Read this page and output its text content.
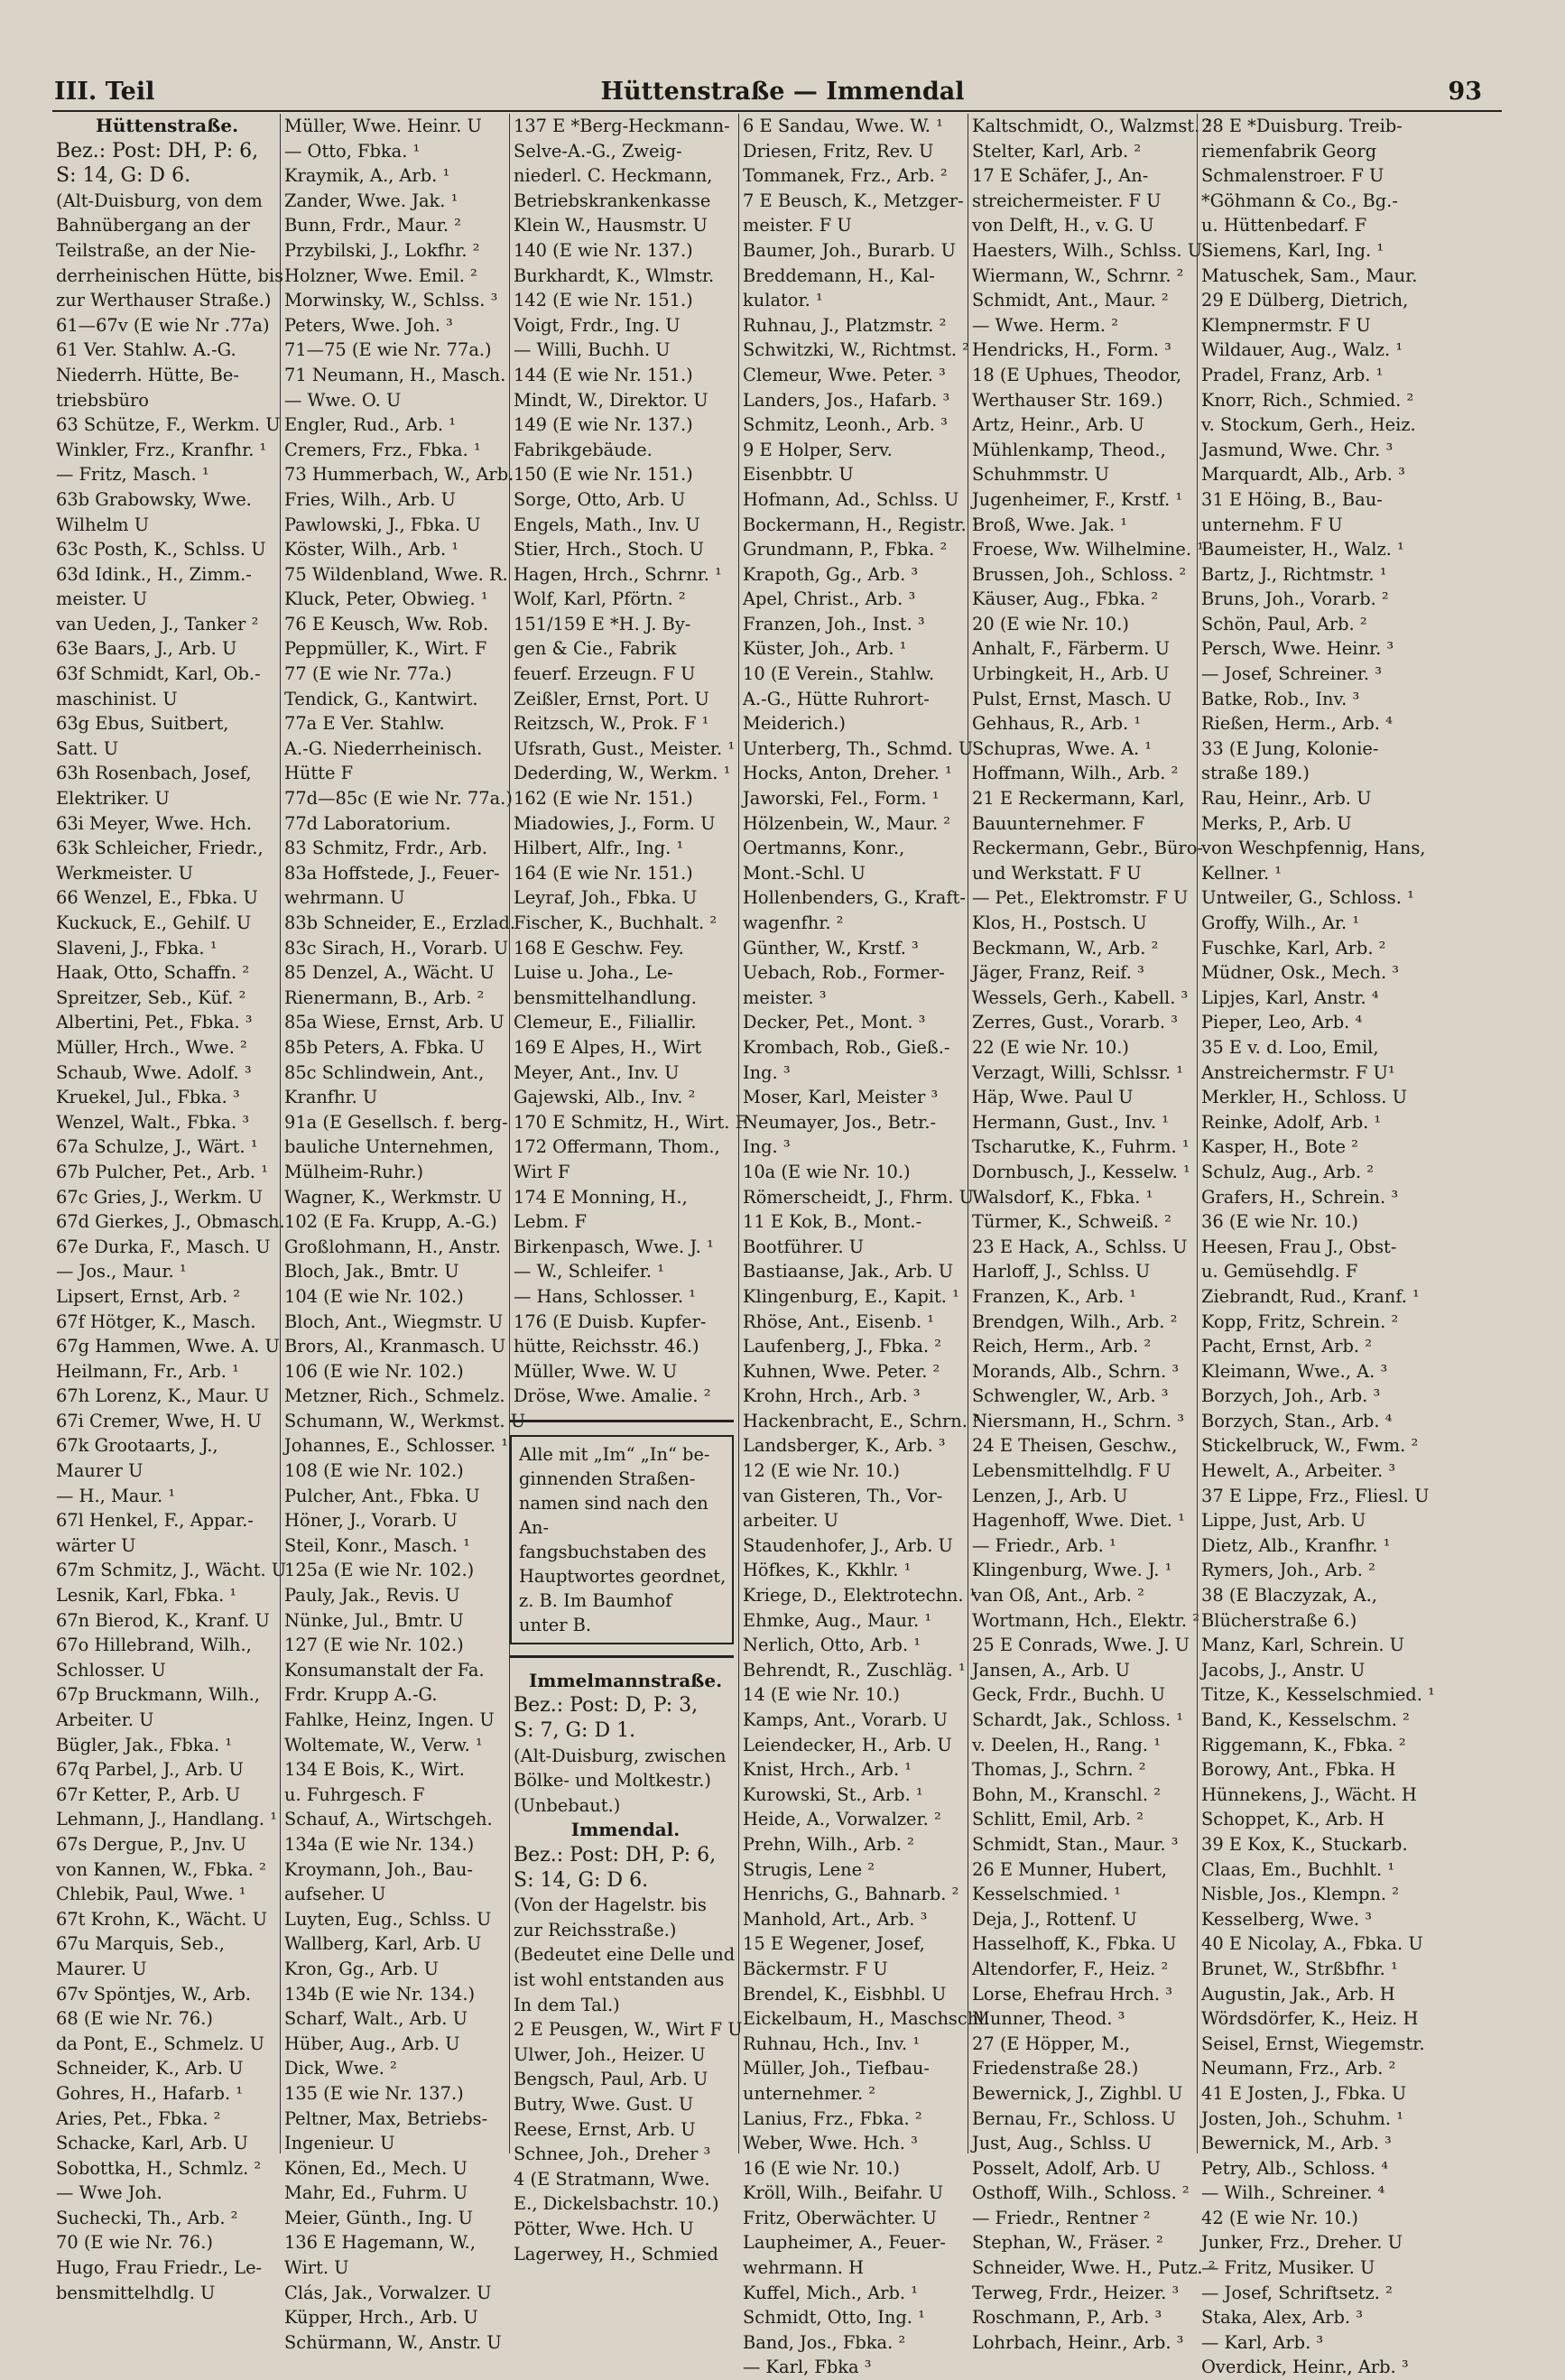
III. Teil	Hüttenstraße — Immendal	93
Hüttenstraße.
Bez.: Post: DH, P: 6,
S: 14, G: D 6.
(Alt-Duisburg, von dem
Bahnübergang an der
Teilstraße, an der Nie-
derrheinischen Hütte, bis
zur Werthauser Straße.)
61—67v (E wie Nr .77a)
61 Ver. Stahlw. A.-G.
Niederrh. Hütte, Be-
triebsbüro
63 Schütze, F., Werkm. U
Winkler, Frz., Kranfhr. ¹
— Fritz, Masch. ¹
63b Grabowsky, Wwe.
Wilhelm U
63c Posth, K., Schlss. U
63d Idink., H., Zimm.-
meister. U
van Ueden, J., Tanker ²
63e Baars, J., Arb. U
63f Schmidt, Karl, Ob.-
maschinist. U
63g Ebus, Suitbert,
Satt. U
63h Rosenbach, Josef,
Elektriker. U
63i Meyer, Wwe. Hch.
63k Schleicher, Friedr.,
Werkmeister. U
66 Wenzel, E., Fbka. U
Kuckuck, E., Gehilf. U
Slaveni, J., Fbka. ¹
Haak, Otto, Schaffn. ²
Spreitzer, Seb., Küf. ²
Albertini, Pet., Fbka. ³
Müller, Hrch., Wwe. ²
Schaub, Wwe. Adolf. ³
Kruekel, Jul., Fbka. ³
Wenzel, Walt., Fbka. ³
67a Schulze, J., Wärt. ¹
67b Pulcher, Pet., Arb. ¹
67c Gries, J., Werkm. U
67d Gierkes, J., Obmasch.
67e Durka, F., Masch. U
— Jos., Maur. ¹
Lipsert, Ernst, Arb. ²
67f Hötger, K., Masch.
67g Hammen, Wwe. A. U
Heilmann, Fr., Arb. ¹
67h Lorenz, K., Maur. U
67i Cremer, Wwe, H. U
67k Grootaarts, J.,
Maurer U
— H., Maur. ¹
67l Henkel, F., Appar.-
wärter U
67m Schmitz, J., Wächt. U
Lesnik, Karl, Fbka. ¹
67n Bierod, K., Kranf. U
67o Hillebrand, Wilh.,
Schlosser. U
67p Bruckmann, Wilh.,
Arbeiter. U
Bügler, Jak., Fbka. ¹
67q Parbel, J., Arb. U
67r Ketter, P., Arb. U
Lehmann, J., Handlang. ¹
67s Dergue, P., Jnv. U
von Kannen, W., Fbka. ²
Chlebik, Paul, Wwe. ¹
67t Krohn, K., Wächt. U
67u Marquis, Seb.,
Maurer. U
67v Spöntjes, W., Arb.
68 (E wie Nr. 76.)
da Pont, E., Schmelz. U
Schneider, K., Arb. U
Gohres, H., Hafarb. ¹
Aries, Pet., Fbka. ²
Schacke, Karl, Arb. U
Sobottka, H., Schmlz. ²
— Wwe Joh.
Suchecki, Th., Arb. ²
70 (E wie Nr. 76.)
Hugo, Frau Friedr., Le-
bensmittelhdlg. U
Müller, Wwe. Heinr. U
— Otto, Fbka. ¹
Kraymik, A., Arb. ¹
Zander, Wwe. Jak. ¹
Bunn, Frdr., Maur. ²
Przybilski, J., Lokfhr. ²
Holzner, Wwe. Emil. ²
Morwinsky, W., Schlss. ³
Peters, Wwe. Joh. ³
71—75 (E wie Nr. 77a.)
71 Neumann, H., Masch.
— Wwe. O. U
Engler, Rud., Arb. ¹
Cremers, Frz., Fbka. ¹
73 Hummerbach, W., Arb.
Fries, Wilh., Arb. U
Pawlowski, J., Fbka. U
Köster, Wilh., Arb. ¹
75 Wildenbland, Wwe. R.
Kluck, Peter, Obwieg. ¹
76 E Keusch, Ww. Rob.
Peppmüller, K., Wirt. F
77 (E wie Nr. 77a.)
Tendick, G., Kantwirt.
77a E Ver. Stahlw.
A.-G. Niederrheinisch.
Hütte F
77d—85c (E wie Nr. 77a.)
77d Laboratorium.
83 Schmitz, Frdr., Arb.
83a Hoffstede, J., Feuer-
wehrmann. U
83b Schneider, E., Erzlad.
83c Sirach, H., Vorarb. U
85 Denzel, A., Wächt. U
Rienermann, B., Arb. ²
85a Wiese, Ernst, Arb. U
85b Peters, A. Fbka. U
85c Schlindwein, Ant.,
Kranfhr. U
91a (E Gesellsch. f. berg-
bauliche Unternehmen,
Mülheim-Ruhr.)
Wagner, K., Werkmstr. U
102 (E Fa. Krupp, A.-G.)
Großlohmann, H., Anstr.
Bloch, Jak., Bmtr. U
104 (E wie Nr. 102.)
Bloch, Ant., Wiegmstr. U
Brors, Al., Kranmasch. U
106 (E wie Nr. 102.)
Metzner, Rich., Schmelz.
Schumann, W., Werkmst. U
Johannes, E., Schlosser. ¹
108 (E wie Nr. 102.)
Pulcher, Ant., Fbka. U
Höner, J., Vorarb. U
Steil, Konr., Masch. ¹
125a (E wie Nr. 102.)
Pauly, Jak., Revis. U
Nünke, Jul., Bmtr. U
127 (E wie Nr. 102.)
Konsumanstalt der Fa.
Frdr. Krupp A.-G.
Fahlke, Heinz, Ingen. U
Woltemate, W., Verw. ¹
134 E Bois, K., Wirt.
u. Fuhrgesch. F
Schauf, A., Wirtschgeh.
134a (E wie Nr. 134.)
Kroymann, Joh., Bau-
aufseher. U
Luyten, Eug., Schlss. U
Wallberg, Karl, Arb. U
Kron, Gg., Arb. U
134b (E wie Nr. 134.)
Scharf, Walt., Arb. U
Hüber, Aug., Arb. U
Dick, Wwe. ²
135 (E wie Nr. 137.)
Peltner, Max, Betriebs-
Ingenieur. U
Könen, Ed., Mech. U
Mahr, Ed., Fuhrm. U
Meier, Günth., Ing. U
136 E Hagemann, W.,
Wirt. U
Clás, Jak., Vorwalzer. U
Küpper, Hrch., Arb. U
Schürmann, W., Anstr. U
137 E *Berg-Heckmann-
Selve-A.-G., Zweig-
niederl. C. Heckmann,
Betriebskrankenkasse
Klein W., Hausmstr. U
140 (E wie Nr. 137.)
Burkhardt, K., Wlmstr.
142 (E wie Nr. 151.)
Voigt, Frdr., Ing. U
— Willi, Buchh. U
144 (E wie Nr. 151.)
Mindt, W., Direktor. U
149 (E wie Nr. 137.)
Fabrikgebäude.
150 (E wie Nr. 151.)
Sorge, Otto, Arb. U
Engels, Math., Inv. U
Stier, Hrch., Stoch. U
Hagen, Hrch., Schrnr. ¹
Wolf, Karl, Pförtn. ²
151/159 E *H. J. By-
gen & Cie., Fabrik
feuerf. Erzeugn. F U
Zeißler, Ernst, Port. U
Reitzsch, W., Prok. F ¹
Ufsrath, Gust., Meister. ¹
Dederding, W., Werkm. ¹
162 (E wie Nr. 151.)
Miadowies, J., Form. U
Hilbert, Alfr., Ing. ¹
164 (E wie Nr. 151.)
Leyraf, Joh., Fbka. U
Fischer, K., Buchhalt. ²
168 E Geschw. Fey.
Luise u. Joha., Le-
bensmittelhandlung.
Clemeur, E., Filiallir.
169 E Alpes, H., Wirt
Meyer, Ant., Inv. U
Gajewski, Alb., Inv. ²
170 E Schmitz, H., Wirt. F
172 Offermann, Thom.,
Wirt F
174 E Monning, H.,
Lebm. F
Birkenpasch, Wwe. J. ¹
— W., Schleifer. ¹
— Hans, Schlosser. ¹
176 (E Duisb. Kupfer-
hütte, Reichsstr. 46.)
Müller, Wwe. W. U
Dröse, Wwe. Amalie. ²
Alle mit „Im“ „In“ be-
ginnenden Straßen-
namen sind nach den An-
fangsbuchstaben des
Hauptwortes geordnet,
z. B. Im Baumhof
unter B.
Immelmannstraße.
Bez.: Post: D, P: 3,
S: 7, G: D 1.
(Alt-Duisburg, zwischen
Bölke- und Moltkestr.)
(Unbebaut.)
Immendal.
Bez.: Post: DH, P: 6,
S: 14, G: D 6.
(Von der Hagelstr. bis
zur Reichsstraße.)
(Bedeutet eine Delle und
ist wohl entstanden aus
In dem Tal.)
2 E Peusgen, W., Wirt F U
Ulwer, Joh., Heizer. U
Bengsch, Paul, Arb. U
Butry, Wwe. Gust. U
Reese, Ernst, Arb. U
Schnee, Joh., Dreher ³
4 (E Stratmann, Wwe.
E., Dickelsbachstr. 10.)
Pötter, Wwe. Hch. U
Lagerwey, H., Schmied
6 E Sandau, Wwe. W. ¹
Driesen, Fritz, Rev. U
Tommanek, Frz., Arb. ²
7 E Beusch, K., Metzger-
meister. F U
Baumer, Joh., Burarb. U
Breddemann, H., Kal-
kulator. ¹
Ruhnau, J., Platzmstr. ²
Schwitzki, W., Richtmst. ²
Clemeur, Wwe. Peter. ³
Landers, Jos., Hafarb. ³
Schmitz, Leonh., Arb. ³
9 E Holper, Serv.
Eisenbbtr. U
Hofmann, Ad., Schlss. U
Bockermann, H., Registr. ¹
Grundmann, P., Fbka. ²
Krapoth, Gg., Arb. ³
Apel, Christ., Arb. ³
Franzen, Joh., Inst. ³
Küster, Joh., Arb. ¹
10 (E Verein., Stahlw.
A.-G., Hütte Ruhrort-
Meiderich.)
Unterberg, Th., Schmd. U
Hocks, Anton, Dreher. ¹
Jaworski, Fel., Form. ¹
Hölzenbein, W., Maur. ²
Oertmanns, Konr.,
Mont.-Schl. U
Hollenbenders, G., Kraft-
wagenfhr. ²
Günther, W., Krstf. ³
Uebach, Rob., Former-
meister. ³
Decker, Pet., Mont. ³
Krombach, Rob., Gieß.-
Ing. ³
Moser, Karl, Meister ³
Neumayer, Jos., Betr.-
Ing. ³
10a (E wie Nr. 10.)
Römerscheidt, J., Fhrm. U
11 E Kok, B., Mont.-
Bootführer. U
Bastiaanse, Jak., Arb. U
Klingenburg, E., Kapit. ¹
Rhöse, Ant., Eisenb. ¹
Laufenberg, J., Fbka. ²
Kuhnen, Wwe. Peter. ²
Krohn, Hrch., Arb. ³
Hackenbracht, E., Schrn. ³
Landsberger, K., Arb. ³
12 (E wie Nr. 10.)
van Gisteren, Th., Vor-
arbeiter. U
Staudenhofer, J., Arb. U
Höfkes, K., Kkhlr. ¹
Kriege, D., Elektrotechn. ¹
Ehmke, Aug., Maur. ¹
Nerlich, Otto, Arb. ¹
Behrendt, R., Zuschläg. ¹
14 (E wie Nr. 10.)
Kamps, Ant., Vorarb. U
Leiendecker, H., Arb. U
Knist, Hrch., Arb. ¹
Kurowski, St., Arb. ¹
Heide, A., Vorwalzer. ²
Prehn, Wilh., Arb. ²
Strugis, Lene ²
Henrichs, G., Bahnarb. ²
Manhold, Art., Arb. ³
15 E Wegener, Josef,
Bäckermstr. F U
Brendel, K., Eisbhbl. U
Eickelbaum, H., Maschschl.
Ruhnau, Hch., Inv. ¹
Müller, Joh., Tiefbau-
unternehmer. ²
Lanius, Frz., Fbka. ²
Weber, Wwe. Hch. ³
16 (E wie Nr. 10.)
Kröll, Wilh., Beifahr. U
Fritz, Oberwächter. U
Laupheimer, A., Feuer-
wehrmann. H
Kuffel, Mich., Arb. ¹
Schmidt, Otto, Ing. ¹
Band, Jos., Fbka. ²
— Karl, Fbka ³
Kaltschmidt, O., Walzmst. ²
Stelter, Karl, Arb. ²
17 E Schäfer, J., An-
streichermeister. F U
von Delft, H., v. G. U
Haesters, Wilh., Schlss. U
Wiermann, W., Schrnr. ²
Schmidt, Ant., Maur. ²
— Wwe. Herm. ²
Hendricks, H., Form. ³
18 (E Uphues, Theodor,
Werthauser Str. 169.)
Artz, Heinr., Arb. U
Mühlenkamp, Theod.,
Schuhmmstr. U
Jugenheimer, F., Krstf. ¹
Broß, Wwe. Jak. ¹
Froese, Ww. Wilhelmine. ¹
Brussen, Joh., Schloss. ²
Käuser, Aug., Fbka. ²
20 (E wie Nr. 10.)
Anhalt, F., Färberm. U
Urbingkeit, H., Arb. U
Pulst, Ernst, Masch. U
Gehhaus, R., Arb. ¹
Schupras, Wwe. A. ¹
Hoffmann, Wilh., Arb. ²
21 E Reckermann, Karl,
Bauunternehmer. F
Reckermann, Gebr., Büro-
und Werkstatt. F U
— Pet., Elektromstr. F U
Klos, H., Postsch. U
Beckmann, W., Arb. ²
Jäger, Franz, Reif. ³
Wessels, Gerh., Kabell. ³
Zerres, Gust., Vorarb. ³
22 (E wie Nr. 10.)
Verzagt, Willi, Schlssr. ¹
Häp, Wwe. Paul U
Hermann, Gust., Inv. ¹
Tscharutke, K., Fuhrm. ¹
Dornbusch, J., Kesselw. ¹
Walsdorf, K., Fbka. ¹
Türmer, K., Schweiß. ²
23 E Hack, A., Schlss. U
Harloff, J., Schlss. U
Franzen, K., Arb. ¹
Brendgen, Wilh., Arb. ²
Reich, Herm., Arb. ²
Morands, Alb., Schrn. ³
Schwengler, W., Arb. ³
Niersmann, H., Schrn. ³
24 E Theisen, Geschw.,
Lebensmittelhdlg. F U
Lenzen, J., Arb. U
Hagenhoff, Wwe. Diet. ¹
— Friedr., Arb. ¹
Klingenburg, Wwe. J. ¹
van Oß, Ant., Arb. ²
Wortmann, Hch., Elektr. ²
25 E Conrads, Wwe. J. U
Jansen, A., Arb. U
Geck, Frdr., Buchh. U
Schardt, Jak., Schloss. ¹
v. Deelen, H., Rang. ¹
Thomas, J., Schrn. ²
Bohn, M., Kranschl. ²
Schlitt, Emil, Arb. ²
Schmidt, Stan., Maur. ³
26 E Munner, Hubert,
Kesselschmied. ¹
Deja, J., Rottenf. U
Hasselhoff, K., Fbka. U
Altendorfer, F., Heiz. ²
Lorse, Ehefrau Hrch. ³
Munner, Theod. ³
27 (E Höpper, M.,
Friedenstraße 28.)
Bewernick, J., Zighbl. U
Bernau, Fr., Schloss. U
Just, Aug., Schlss. U
Posselt, Adolf, Arb. U
Osthoff, Wilh., Schloss. ²
— Friedr., Rentner ²
Stephan, W., Fräser. ²
Schneider, Wwe. H., Putz. ²
Terweg, Frdr., Heizer. ³
Roschmann, P., Arb. ³
Lohrbach, Heinr., Arb. ³
28 E *Duisburg. Treib-
riemenfabrik Georg
Schmalenstroer. F U
*Göhmann & Co., Bg.-
u. Hüttenbedarf. F
Siemens, Karl, Ing. ¹
Matuschek, Sam., Maur.
29 E Dülberg, Dietrich,
Klempnermstr. F U
Wildauer, Aug., Walz. ¹
Pradel, Franz, Arb. ¹
Knorr, Rich., Schmied. ²
v. Stockum, Gerh., Heiz.
Jasmund, Wwe. Chr. ³
Marquardt, Alb., Arb. ³
31 E Höing, B., Bau-
unternehm. F U
Baumeister, H., Walz. ¹
Bartz, J., Richtmstr. ¹
Bruns, Joh., Vorarb. ²
Schön, Paul, Arb. ²
Persch, Wwe. Heinr. ³
— Josef, Schreiner. ³
Batke, Rob., Inv. ³
Rießen, Herm., Arb. ⁴
33 (E Jung, Kolonie-
straße 189.)
Rau, Heinr., Arb. U
Merks, P., Arb. U
von Weschpfennig, Hans,
Kellner. ¹
Untweiler, G., Schloss. ¹
Groffy, Wilh., Ar. ¹
Fuschke, Karl, Arb. ²
Müdner, Osk., Mech. ³
Lipjes, Karl, Anstr. ⁴
Pieper, Leo, Arb. ⁴
35 E v. d. Loo, Emil,
Anstreichermstr. F U¹
Merkler, H., Schloss. U
Reinke, Adolf, Arb. ¹
Kasper, H., Bote ²
Schulz, Aug., Arb. ²
Grafers, H., Schrein. ³
36 (E wie Nr. 10.)
Heesen, Frau J., Obst-
u. Gemüsehdlg. F
Ziebrandt, Rud., Kranf. ¹
Kopp, Fritz, Schrein. ²
Pacht, Ernst, Arb. ²
Kleimann, Wwe., A. ³
Borzych, Joh., Arb. ³
Borzych, Stan., Arb. ⁴
Stickelbruck, W., Fwm. ²
Hewelt, A., Arbeiter. ³
37 E Lippe, Frz., Fliesl. U
Lippe, Just, Arb. U
Dietz, Alb., Kranfhr. ¹
Rymers, Joh., Arb. ²
38 (E Blaczyzak, A.,
Blücherstraße 6.)
Manz, Karl, Schrein. U
Jacobs, J., Anstr. U
Titze, K., Kesselschmied. ¹
Band, K., Kesselschm. ²
Riggemann, K., Fbka. ²
Borowy, Ant., Fbka. H
Hünnekens, J., Wächt. H
Schoppet, K., Arb. H
39 E Kox, K., Stuckarb.
Claas, Em., Buchhlt. ¹
Nisble, Jos., Klempn. ²
Kesselberg, Wwe. ³
40 E Nicolay, A., Fbka. U
Brunet, W., Strßbfhr. ¹
Augustin, Jak., Arb. H
Wördsdörfer, K., Heiz. H
Seisel, Ernst, Wiegemstr.
Neumann, Frz., Arb. ²
41 E Josten, J., Fbka. U
Josten, Joh., Schuhm. ¹
Bewernick, M., Arb. ³
Petry, Alb., Schloss. ⁴
— Wilh., Schreiner. ⁴
42 (E wie Nr. 10.)
Junker, Frz., Dreher. U
— Fritz, Musiker. U
— Josef, Schriftsetz. ²
Staka, Alex, Arb. ³
— Karl, Arb. ³
Overdick, Heinr., Arb. ³
